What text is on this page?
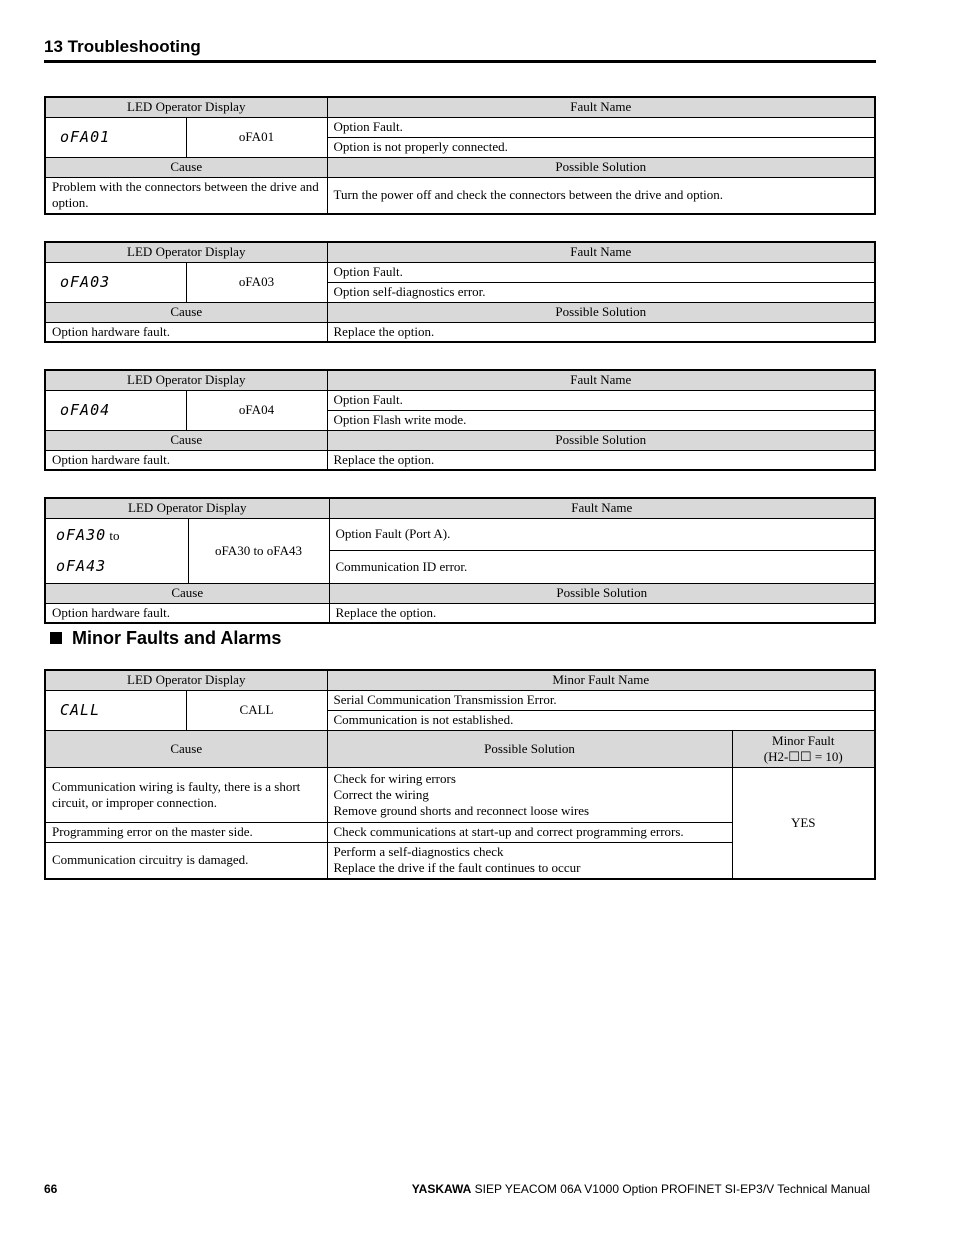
13 Troubleshooting
LED Operator Display		Fault Name
oFA01	oFA01	Option Fault.
		Option is not properly connected.
Cause		Possible Solution
Problem with the connectors between the drive and option.		Turn the power off and check the connectors between the drive and option.
LED Operator Display		Fault Name
oFA03	oFA03	Option Fault.
		Option self-diagnostics error.
Cause		Possible Solution
Option hardware fault.		Replace the option.
LED Operator Display		Fault Name
oFA04	oFA04	Option Fault.
		Option Flash write mode.
Cause		Possible Solution
Option hardware fault.		Replace the option.
LED Operator Display		Fault Name
oFA30 to
oFA43	oFA30 to oFA43	Option Fault (Port A).
		Communication ID error.
Cause		Possible Solution
Option hardware fault.		Replace the option.
Minor Faults and Alarms
LED Operator Display		Minor Fault Name	
CALL	CALL	Serial Communication Transmission Error.	
		Communication is not established.	
Cause		Possible Solution	Minor Fault
(H2-☐☐ = 10)
Communication wiring is faulty, there is a short circuit, or improper connection.		Check for wiring errors
Correct the wiring
Remove ground shorts and reconnect loose wires	YES
Programming error on the master side.		Check communications at start-up and correct programming errors.	
Communication circuitry is damaged.		Perform a self-diagnostics check
Replace the drive if the fault continues to occur	
66	YASKAWA SIEP YEACOM 06A V1000 Option PROFINET SI-EP3/V Technical Manual
